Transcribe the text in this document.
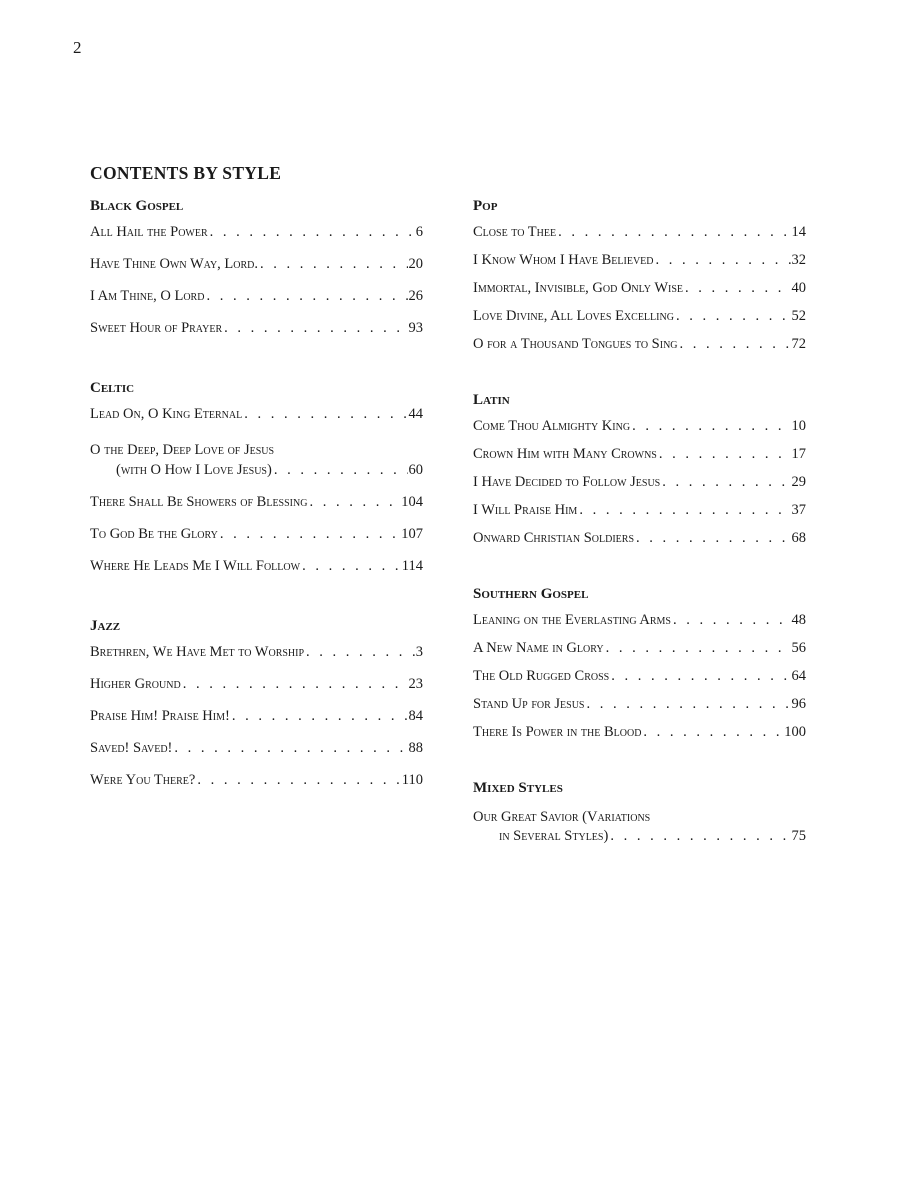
2
CONTENTS BY STYLE
Black Gospel
All Hail the Power . . .	6
Have Thine Own Way, Lord. . . .	20
I Am Thine, O Lord . . .	26
Sweet Hour of Prayer . . .	93
Celtic
Lead On, O King Eternal . . .	44
O the Deep, Deep Love of Jesus
(with O How I Love Jesus) . . .	60
There Shall Be Showers of Blessing . . .	104
To God Be the Glory . . .	107
Where He Leads Me I Will Follow . . .	114
Jazz
Brethren, We Have Met to Worship . . .	3
Higher Ground . . .	23
Praise Him! Praise Him! . . .	84
Saved! Saved! . . .	88
Were You There? . . .	110
Pop
Close to Thee . . .	14
I Know Whom I Have Believed . . .	32
Immortal, Invisible, God Only Wise . . .	40
Love Divine, All Loves Excelling . . .	52
O for a Thousand Tongues to Sing . . .	72
Latin
Come Thou Almighty King . . .	10
Crown Him with Many Crowns . . .	17
I Have Decided to Follow Jesus . . .	29
I Will Praise Him . . .	37
Onward Christian Soldiers . . .	68
Southern Gospel
Leaning on the Everlasting Arms . . .	48
A New Name in Glory . . .	56
The Old Rugged Cross . . .	64
Stand Up for Jesus . . .	96
There Is Power in the Blood . . .	100
Mixed Styles
Our Great Savior (Variations
in Several Styles) . . .	75
